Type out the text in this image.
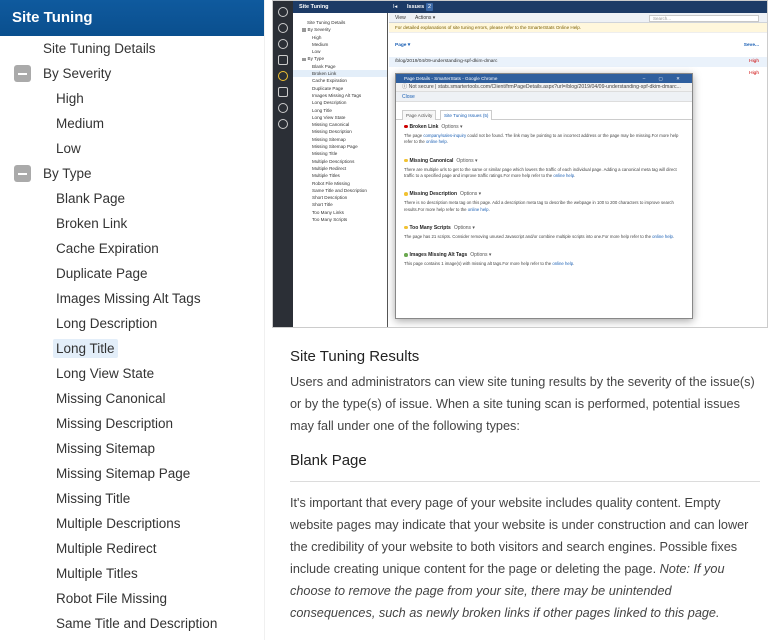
Site Tuning
Site Tuning Details
By Severity
High
Medium
Low
By Type
Blank Page
Broken Link
Cache Expiration
Duplicate Page
Images Missing Alt Tags
Long Description
Long Title
Long View State
Missing Canonical
Missing Description
Missing Sitemap
Missing Sitemap Page
Missing Title
Multiple Descriptions
Multiple Redirect
Multiple Titles
Robot File Missing
Same Title and Description
Site Tuning	I◂ Issues 2
Site Tuning Details
By Severity
High
Medium
Low
By Type
Blank Page
Broken Link
Cache Expiration
Duplicate Page
Images Missing Alt Tags
Long Description
Long Title
Long View State
Missing Canonical
Missing Description
Missing Sitemap
Missing Sitemap Page
Missing Title
Multiple Descriptions
Multiple Redirect
Multiple Titles
Robot File Missing
Same Title and Description
Short Description
Short Title
Too Many Links
Too Many Scripts
View Actions ▾	Search...
For detailed explanations of site tuning errors, please refer to the SmarterStats Online Help.
Page ▾	Seve...
/blog/2019/04/09-understanding-spf-dkim-dmarc	High
High
Page Details - SmarterStats - Google Chrome	– ▢ ✕
ⓘ Not secure | stats.smartertools.com/Client/frmPageDetails.aspx?url=/blog/2019/04/09-understanding-spf-dkim-dmarc...
Close
Page Activity	Site Tuning Issues (5)
Broken Link Options ▾
The page company/sales-inquiry could not be found. The link may be pointing to an incorrect address or the page may be missing.For more help refer to the online help.
Missing Canonical Options ▾
There are multiple urls to get to the same or similar page which lowers the traffic of each individual page. Adding a canonical meta tag will direct traffic to a specified page and improve traffic ratings.For more help refer to the online help.
Missing Description Options ▾
There is no description meta tag on this page. Add a description meta tag to describe the webpage in 100 to 200 characters to improve search results.For more help refer to the online help.
Too Many Scripts Options ▾
The page has 21 scripts. Consider removing unused Javascript and/or combine multiple scripts into one.For more help refer to the online help.
Images Missing Alt Tags Options ▾
This page contains 1 image(s) with missing alt tags.For more help refer to the online help.
Site Tuning Results

Users and administrators can view site tuning results by the severity of the issue(s) or by the type(s) of issue. When a site tuning scan is performed, potential issues may fall under one of the following types:

Blank Page

It's important that every page of your website includes quality content. Empty website pages may indicate that your website is under construction and can lower the credibility of your website to both visitors and search engines. Possible fixes include creating unique content for the page or deleting the page. Note: If you choose to remove the page from your site, there may be unintended consequences, such as newly broken links if other pages linked to this page.
